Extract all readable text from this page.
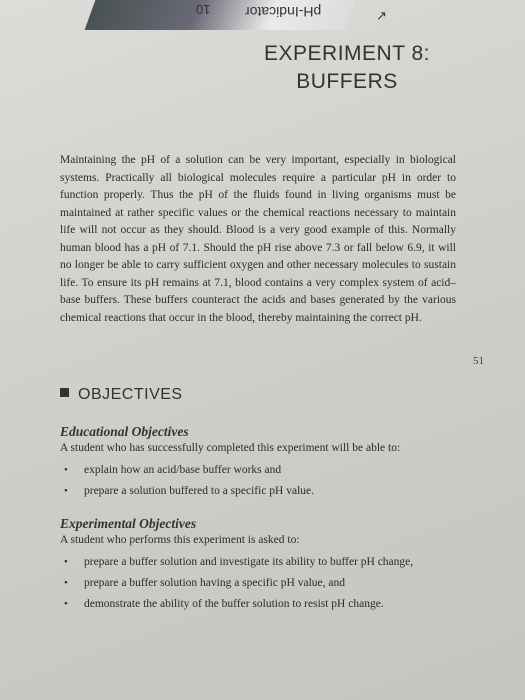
10 pH-Indicator	↗
EXPERIMENT 8:
BUFFERS
Maintaining the pH of a solution can be very important, especially in biological systems. Practically all biological molecules require a particular pH in order to function properly. Thus the pH of the fluids found in living organisms must be maintained at rather specific values or the chemical reactions necessary to maintain life will not occur as they should. Blood is a very good example of this. Normally human blood has a pH of 7.1. Should the pH rise above 7.3 or fall below 6.9, it will no longer be able to carry sufficient oxygen and other necessary molecules to sustain life. To ensure its pH remains at 7.1, blood contains a very complex system of acid–base buffers. These buffers counteract the acids and bases generated by the various chemical reactions that occur in the blood, thereby maintaining the correct pH.
51
OBJECTIVES
Educational Objectives

A student who has successfully completed this experiment will be able to:

• explain how an acid/base buffer works and
• prepare a solution buffered to a specific pH value.
Experimental Objectives

A student who performs this experiment is asked to:

• prepare a buffer solution and investigate its ability to buffer pH change,
• prepare a buffer solution having a specific pH value, and
• demonstrate the ability of the buffer solution to resist pH change.
